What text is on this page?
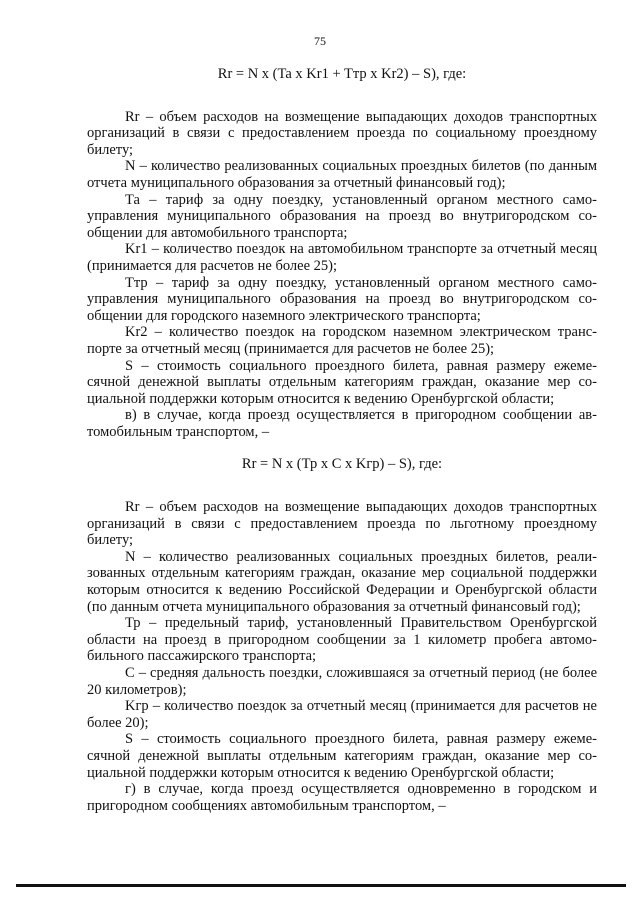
75

Rr = N x (Ta x Kr1 + Tтр x Kr2) – S), где:

Rr – объем расходов на возмещение выпадающих доходов транспортных организаций в связи с предоставлением проезда по социальному проездному билету;

N – количество реализованных социальных проездных билетов (по данным отчета муниципального образования за отчетный финансовый год);

Та – тариф за одну поездку, установленный органом местного самоуправления муниципального образования на проезд во внутригородском сообщении для автомобильного транспорта;

Kr1 – количество поездок на автомобильном транспорте за отчетный месяц (принимается для расчетов не более 25);

Ттр – тариф за одну поездку, установленный органом местного самоуправления муниципального образования на проезд во внутригородском сообщении для городского наземного электрического транспорта;

Kr2 – количество поездок на городском наземном электрическом транспорте за отчетный месяц (принимается для расчетов не более 25);

S – стоимость социального проездного билета, равная размеру ежемесячной денежной выплаты отдельным категориям граждан, оказание мер социальной поддержки которым относится к ведению Оренбургской области;

в) в случае, когда проезд осуществляется в пригородном сообщении автомобильным транспортом, –

Rr = N x (Тр x C x Kгр) – S), где:

Rr – объем расходов на возмещение выпадающих доходов транспортных организаций в связи с предоставлением проезда по льготному проездному билету;

N – количество реализованных социальных проездных билетов, реализованных отдельным категориям граждан, оказание мер социальной поддержки которым относится к ведению Российской Федерации и Оренбургской области (по данным отчета муниципального образования за отчетный финансовый год);

Тр – предельный тариф, установленный Правительством Оренбургской области на проезд в пригородном сообщении за 1 километр пробега автомобильного пассажирского транспорта;

С – средняя дальность поездки, сложившаяся за отчетный период (не более 20 километров);

Kгр – количество поездок за отчетный месяц (принимается для расчетов не более 20);

S – стоимость социального проездного билета, равная размеру ежемесячной денежной выплаты отдельным категориям граждан, оказание мер социальной поддержки которым относится к ведению Оренбургской области;

г) в случае, когда проезд осуществляется одновременно в городском и пригородном сообщениях автомобильным транспортом, –
